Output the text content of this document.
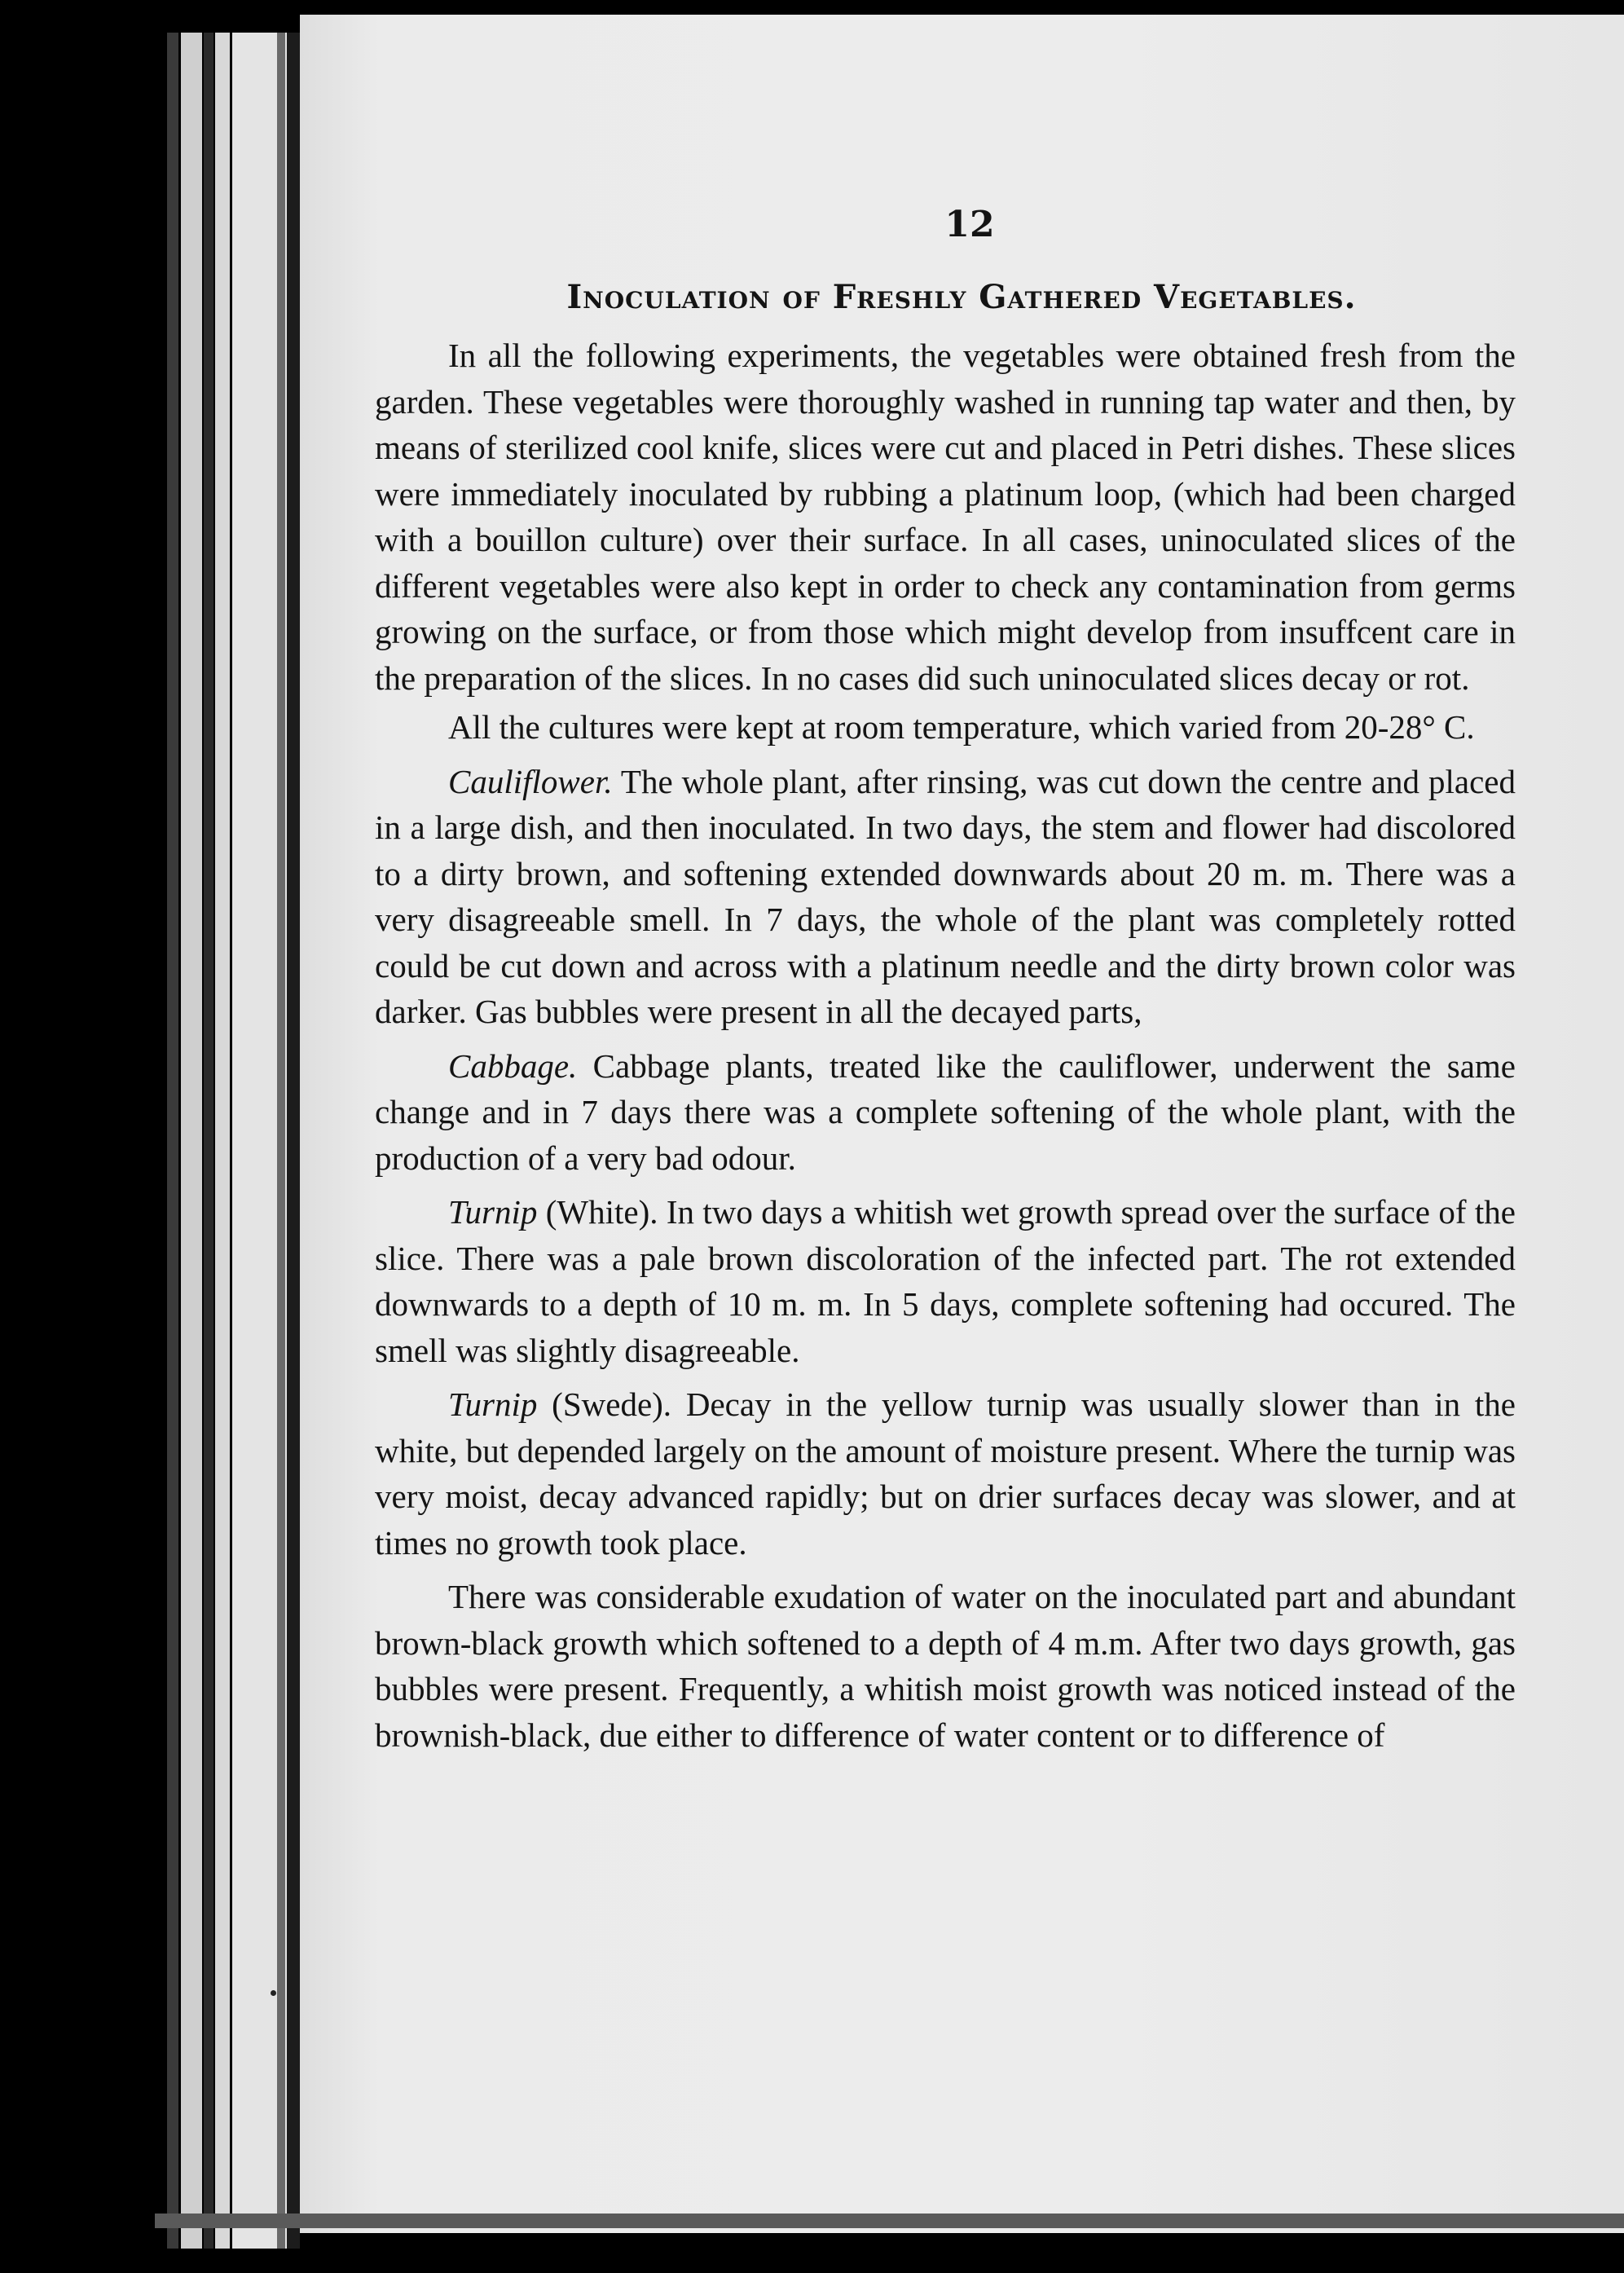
12
Inoculation of Freshly Gathered Vegetables.

In all the following experiments, the vegetables were obtained fresh from the garden. These vegetables were thoroughly washed in running tap water and then, by means of sterilized cool knife, slices were cut and placed in Petri dishes. These slices were immediately inoculated by rubbing a platinum loop, (which had been charged with a bouillon culture) over their surface. In all cases, uninoculated slices of the different vegetables were also kept in order to check any contamination from germs growing on the surface, or from those which might develop from insuffcent care in the preparation of the slices. In no cases did such uninoculated slices decay or rot.

All the cultures were kept at room temperature, which varied from 20-28° C.

Cauliflower. The whole plant, after rinsing, was cut down the centre and placed in a large dish, and then inoculated. In two days, the stem and flower had discolored to a dirty brown, and softening extended downwards about 20 m. m. There was a very disagreeable smell. In 7 days, the whole of the plant was completely rotted could be cut down and across with a platinum needle and the dirty brown color was darker. Gas bubbles were present in all the decayed parts,

Cabbage. Cabbage plants, treated like the cauliflower, underwent the same change and in 7 days there was a complete softening of the whole plant, with the production of a very bad odour.

Turnip (White). In two days a whitish wet growth spread over the surface of the slice. There was a pale brown discoloration of the infected part. The rot extended downwards to a depth of 10 m. m. In 5 days, complete softening had occured. The smell was slightly disagreeable.

Turnip (Swede). Decay in the yellow turnip was usually slower than in the white, but depended largely on the amount of moisture present. Where the turnip was very moist, decay advanced rapidly; but on drier surfaces decay was slower, and at times no growth took place.

There was considerable exudation of water on the inoculated part and abundant brown-black growth which softened to a depth of 4 m.m. After two days growth, gas bubbles were present. Frequently, a whitish moist growth was noticed instead of the brownish-black, due either to difference of water content or to difference of
